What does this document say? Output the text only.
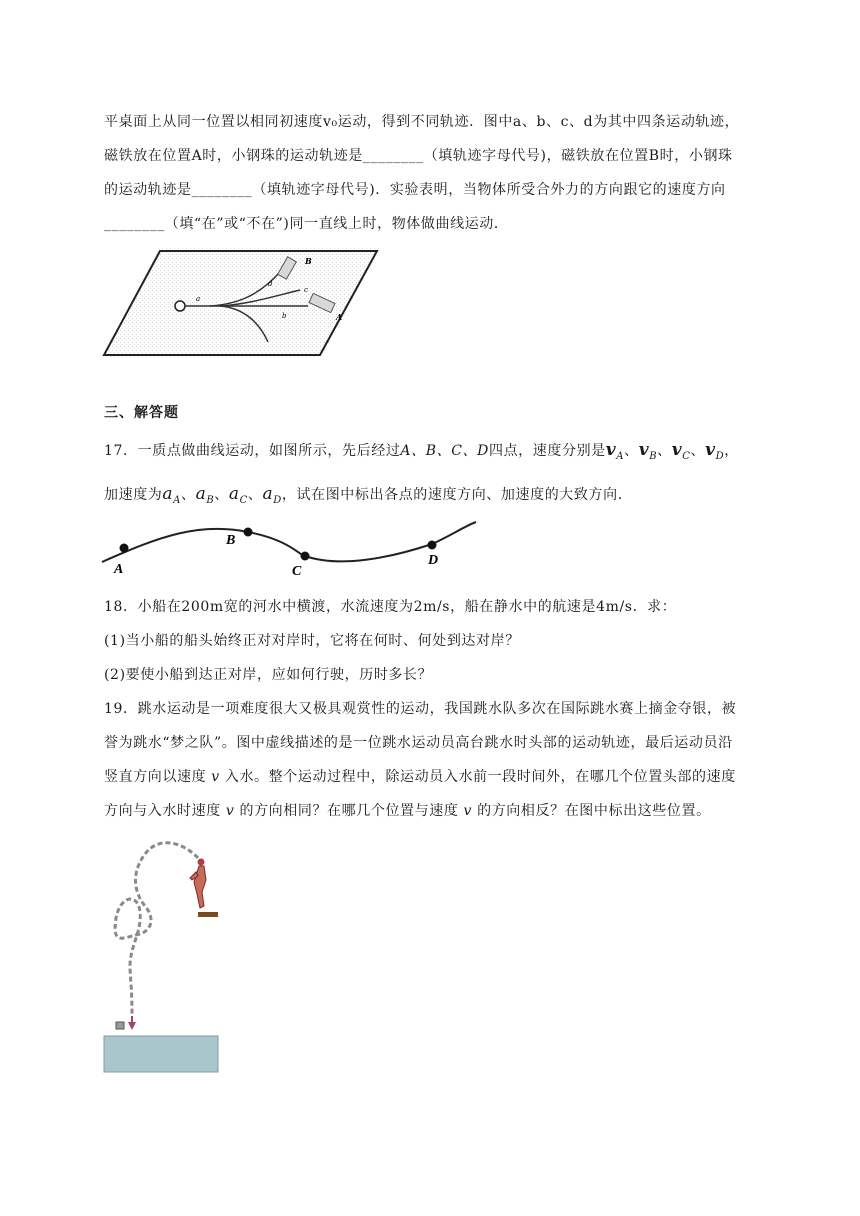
平桌面上从同一位置以相同初速度v₀运动，得到不同轨迹．图中a、b、c、d为其中四条运动轨迹，
磁铁放在位置A时，小钢珠的运动轨迹是________（填轨迹字母代号)，磁铁放在位置B时，小钢珠
的运动轨迹是________（填轨迹字母代号)．实验表明，当物体所受合外力的方向跟它的速度方向
________（填“在”或“不在”)同一直线上时，物体做曲线运动．
B
A
a
b
c
d
三、解答题
17．一质点做曲线运动，如图所示，先后经过A、B、C、D四点，速度分别是$v_A$、$v_B$、$v_C$、$v_D$，
加速度为$a_A$、$a_B$、$a_C$、$a_D$，试在图中标出各点的速度方向、加速度的大致方向.
A
B
C
D
18．小船在200m宽的河水中横渡，水流速度为2m/s，船在静水中的航速是4m/s．求：
(1)当小船的船头始终正对对岸时，它将在何时、何处到达对岸？
(2)要使小船到达正对岸，应如何行驶，历时多长？
19．跳水运动是一项难度很大又极具观赏性的运动，我国跳水队多次在国际跳水赛上摘金夺银，被
誉为跳水“梦之队”。图中虚线描述的是一位跳水运动员高台跳水时头部的运动轨迹，最后运动员沿
竖直方向以速度 v 入水。整个运动过程中，除运动员入水前一段时间外，在哪几个位置头部的速度
方向与入水时速度 v 的方向相同？在哪几个位置与速度 v 的方向相反？在图中标出这些位置。
